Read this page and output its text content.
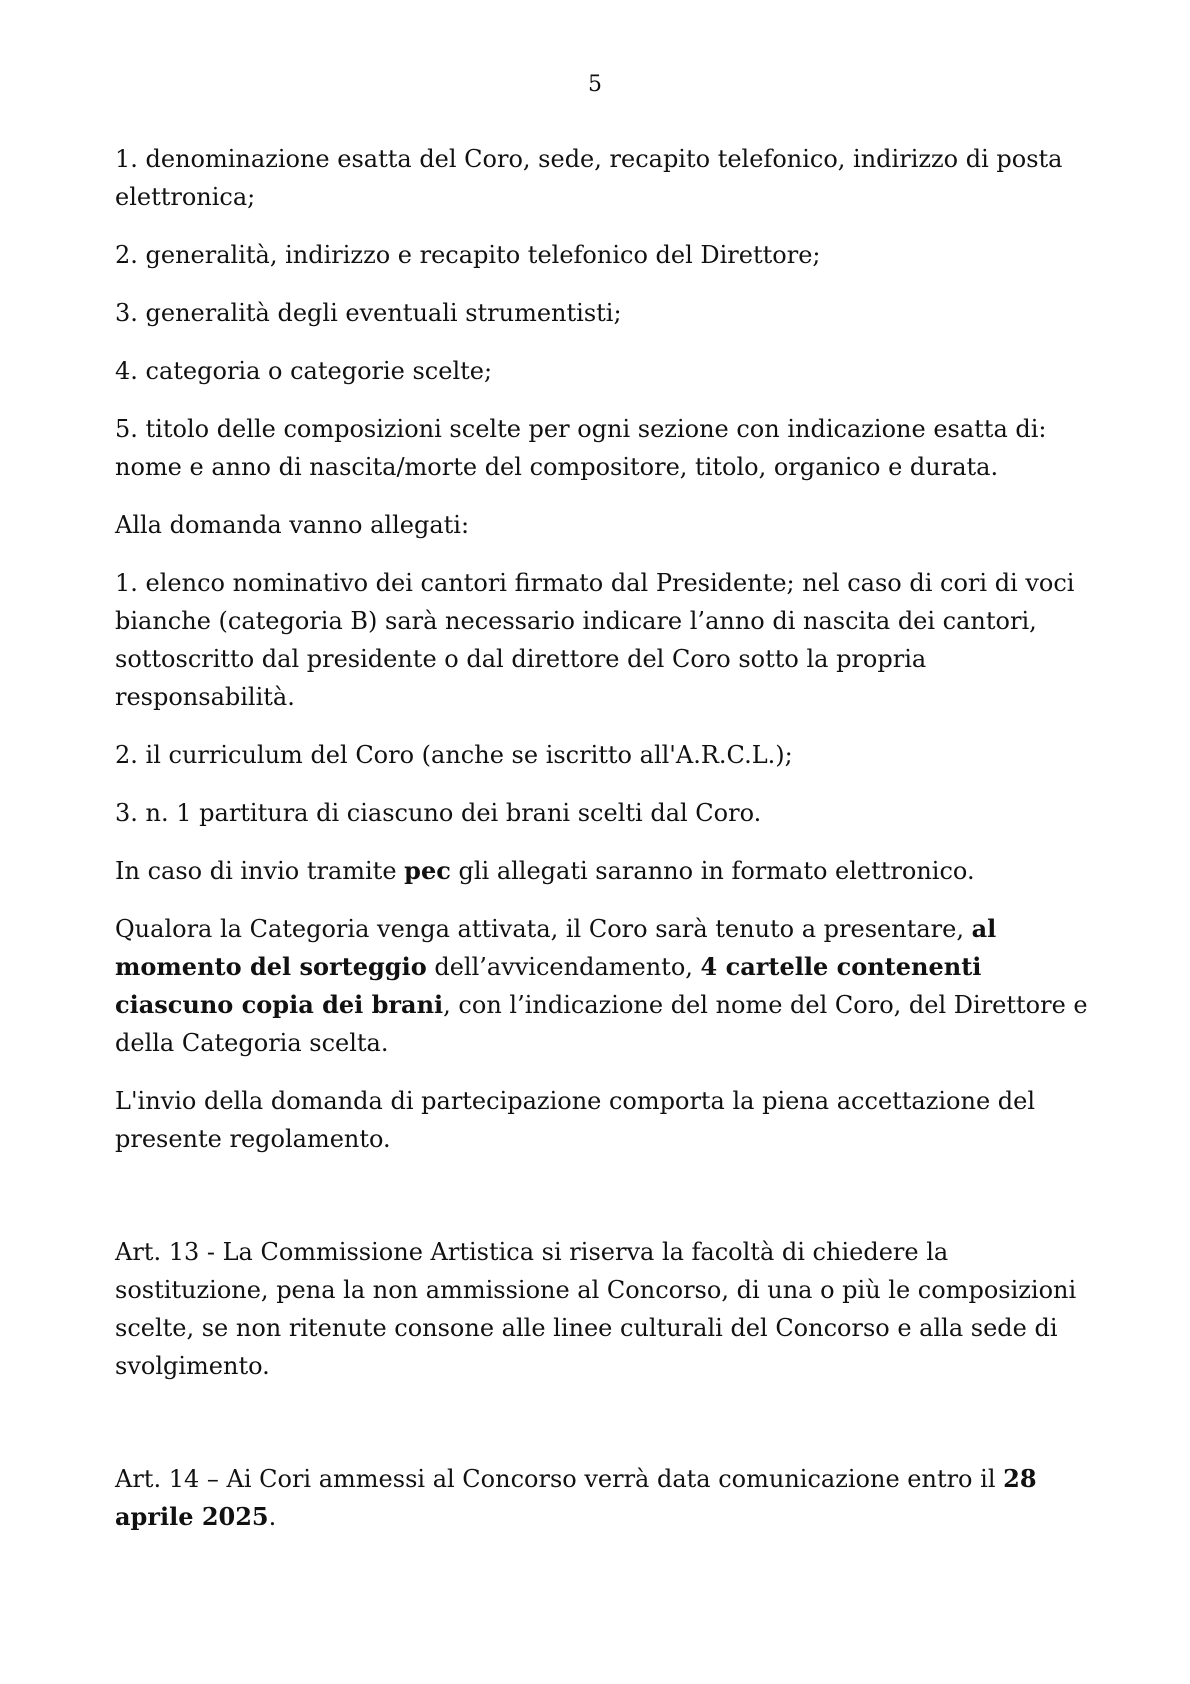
5

1. denominazione esatta del Coro, sede, recapito telefonico, indirizzo di posta elettronica;

2. generalità, indirizzo e recapito telefonico del Direttore;

3. generalità degli eventuali strumentisti;

4. categoria o categorie scelte;

5. titolo delle composizioni scelte per ogni sezione con indicazione esatta di: nome e anno di nascita/morte del compositore, titolo, organico e durata.

Alla domanda vanno allegati:

1. elenco nominativo dei cantori firmato dal Presidente; nel caso di cori di voci bianche (categoria B) sarà necessario indicare l’anno di nascita dei cantori, sottoscritto dal presidente o dal direttore del Coro sotto la propria responsabilità.

2. il curriculum del Coro (anche se iscritto all'A.R.C.L.);

3. n. 1 partitura di ciascuno dei brani scelti dal Coro.

In caso di invio tramite pec gli allegati saranno in formato elettronico.

Qualora la Categoria venga attivata, il Coro sarà tenuto a presentare, al momento del sorteggio dell’avvicendamento, 4 cartelle contenenti ciascuno copia dei brani, con l’indicazione del nome del Coro, del Direttore e della Categoria scelta.

L'invio della domanda di partecipazione comporta la piena accettazione del presente regolamento.

Art. 13 - La Commissione Artistica si riserva la facoltà di chiedere la sostituzione, pena la non ammissione al Concorso, di una o più le composizioni scelte, se non ritenute consone alle linee culturali del Concorso e alla sede di svolgimento.

Art. 14 – Ai Cori ammessi al Concorso verrà data comunicazione entro il 28 aprile 2025.
